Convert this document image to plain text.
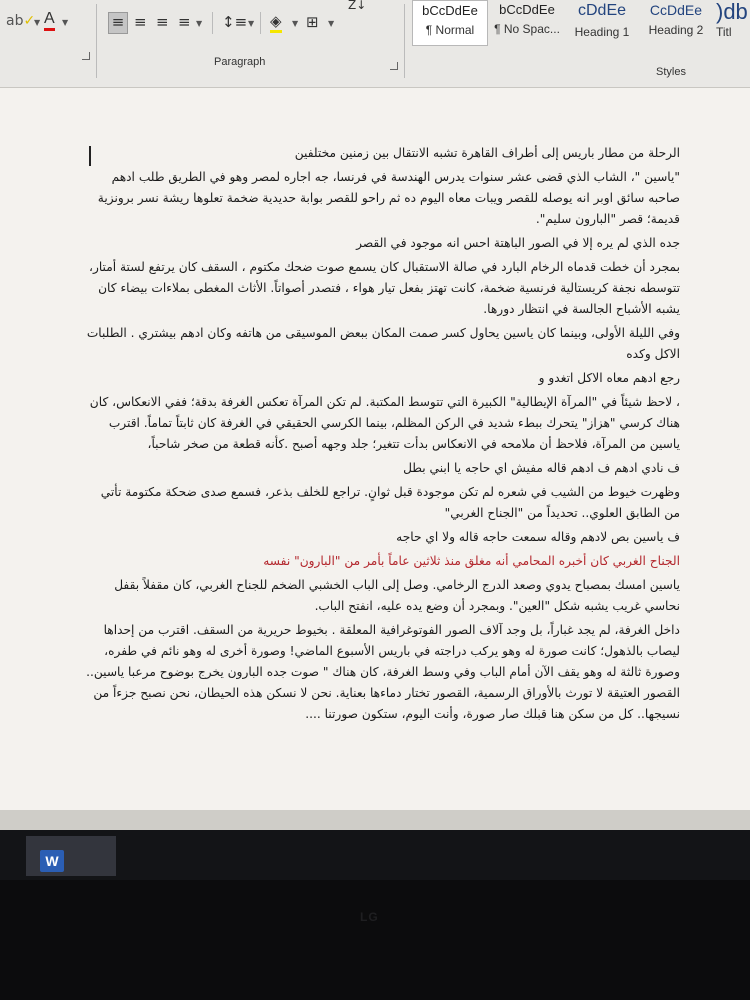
ab✓
▼ A ▼	≡ ≡ ≡ ≡ ▼ ↕≡ ▼ ◈ ▼ ⊞ ▼
Z↓
Paragraph
bCcDdEe
¶ Normal
bCcDdEe
¶ No Spac...
cDdEe
Heading 1
CcDdEe
Heading 2
)db
Titl
Styles

الرحلة من مطار باريس إلى أطراف القاهرة تشبه الانتقال بين زمنين مختلفين

"ياسين "، الشاب الذي قضى عشر سنوات يدرس الهندسة في فرنسا، جه اجاره لمصر وهو في الطريق طلب ادهم صاحبه سائق اوبر انه يوصله للقصر ويبات معاه اليوم ده ثم راحو للقصر بوابة حديدية ضخمة تعلوها ريشة نسر برونزية قديمة؛ قصر "البارون سليم".

جده الذي لم يره إلا في الصور الباهتة احس انه موجود في القصر

بمجرد أن خطت قدماه الرخام البارد في صالة الاستقبال كان يسمع صوت ضحك مكتوم ، السقف كان يرتفع لستة أمتار، تتوسطه نجفة كريستالية فرنسية ضخمة، كانت تهتز بفعل تيار هواء ، فتصدر أصواتاً. الأثاث المغطى بملاءات بيضاء كان يشبه الأشباح الجالسة في انتظار دورها.

وفي الليلة الأولى، وبينما كان ياسين يحاول كسر صمت المكان ببعض الموسيقى من هاتفه وكان ادهم بيشتري . الطلبات الاكل وكده

رجع ادهم معاه الاكل اتغدو و

، لاحظ شيئاً في "المرآة الإيطالية" الكبيرة التي تتوسط المكتبة. لم تكن المرآة تعكس الغرفة بدقة؛ ففي الانعكاس، كان هناك كرسي "هزاز" يتحرك ببطء شديد في الركن المظلم، بينما الكرسي الحقيقي في الغرفة كان ثابتاً تماماً. اقترب ياسين من المرآة، فلاحظ أن ملامحه في الانعكاس بدأت تتغير؛ جلد وجهه أصبح .كأنه قطعة من صخر شاحباً،

ف نادي ادهم ف ادهم قاله مفيش اي حاجه يا ابني بطل

وظهرت خيوط من الشيب في شعره لم تكن موجودة قبل ثوانٍ. تراجع للخلف بذعر، فسمع صدى ضحكة مكتومة تأتي من الطابق العلوي.. تحديداً من "الجناح الغربي"

ف ياسين بص لادهم وقاله سمعت حاجه قاله ولا اي حاجه

الجناح الغربي كان أخبره المحامي أنه مغلق منذ ثلاثين عاماً بأمر من "البارون" نفسه

ياسين امسك بمصباح يدوي وصعد الدرج الرخامي. وصل إلى الباب الخشبي الضخم للجناح الغربي، كان مقفلاً بقفل نحاسي غريب يشبه شكل "العين". وبمجرد أن وضع يده عليه، انفتح الباب.

داخل الغرفة، لم يجد غباراً، بل وجد آلاف الصور الفوتوغرافية المعلقة . بخيوط حريرية من السقف. اقترب من إحداها ليصاب بالذهول؛ كانت صورة له وهو يركب دراجته في باريس الأسبوع الماضي! وصورة أخرى له وهو نائم في طفره، وصورة ثالثة له وهو يقف الآن أمام الباب وفي وسط الغرفة، كان هناك " صوت جده البارون يخرج بوضوح مرعبا ياسين.. القصور العتيقة لا تورث بالأوراق الرسمية، القصور تختار دماءها بعناية. نحن لا نسكن هذه الحيطان، نحن نصبح جزءاً من نسيجها.. كل من سكن هنا قبلك صار صورة، وأنت اليوم، ستكون صورتنا ....

W
LG
